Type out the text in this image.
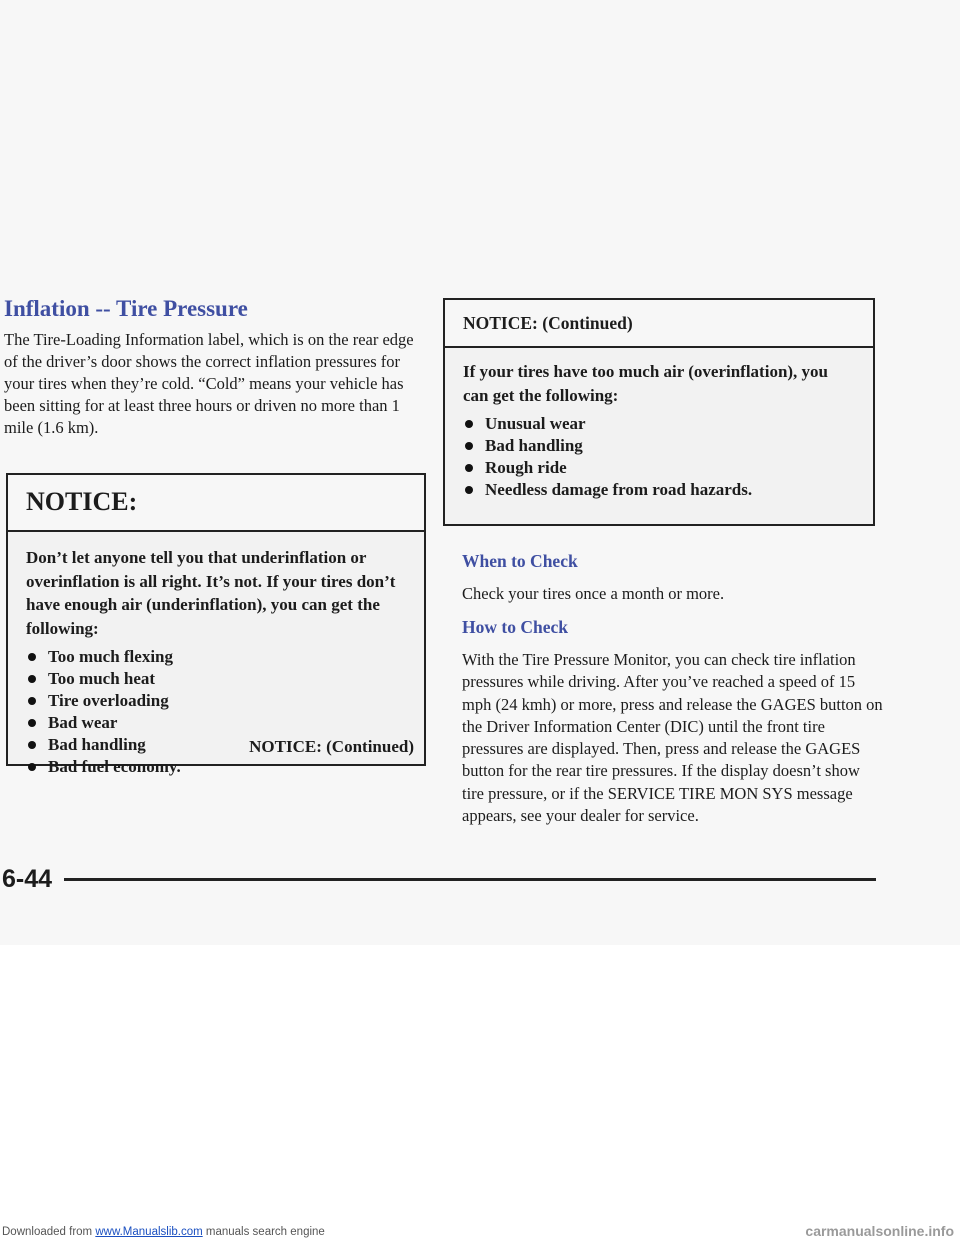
Inflation -- Tire Pressure

The Tire-Loading Information label, which is on the rear edge of the driver’s door shows the correct inflation pressures for your tires when they’re cold. “Cold” means your vehicle has been sitting for at least three hours or driven no more than 1 mile (1.6 km).

NOTICE:

Don’t let anyone tell you that underinflation or overinflation is all right. It’s not. If your tires don’t have enough air (underinflation), you can get the following:

Too much flexing
Too much heat
Tire overloading
Bad wear
Bad handling
Bad fuel economy.
NOTICE: (Continued)
NOTICE: (Continued)

If your tires have too much air (overinflation), you can get the following:

Unusual wear
Bad handling
Rough ride
Needless damage from road hazards.
When to Check

Check your tires once a month or more.

How to Check

With the Tire Pressure Monitor, you can check tire inflation pressures while driving. After you’ve reached a speed of 15 mph (24 kmh) or more, press and release the GAGES button on the Driver Information Center (DIC) until the front tire pressures are displayed. Then, press and release the GAGES button for the rear tire pressures. If the display doesn’t show tire pressure, or if the SERVICE TIRE MON SYS message appears, see your dealer for service.

6-44

Downloaded from www.Manualslib.com manuals search engine	carmanualsonline.info
